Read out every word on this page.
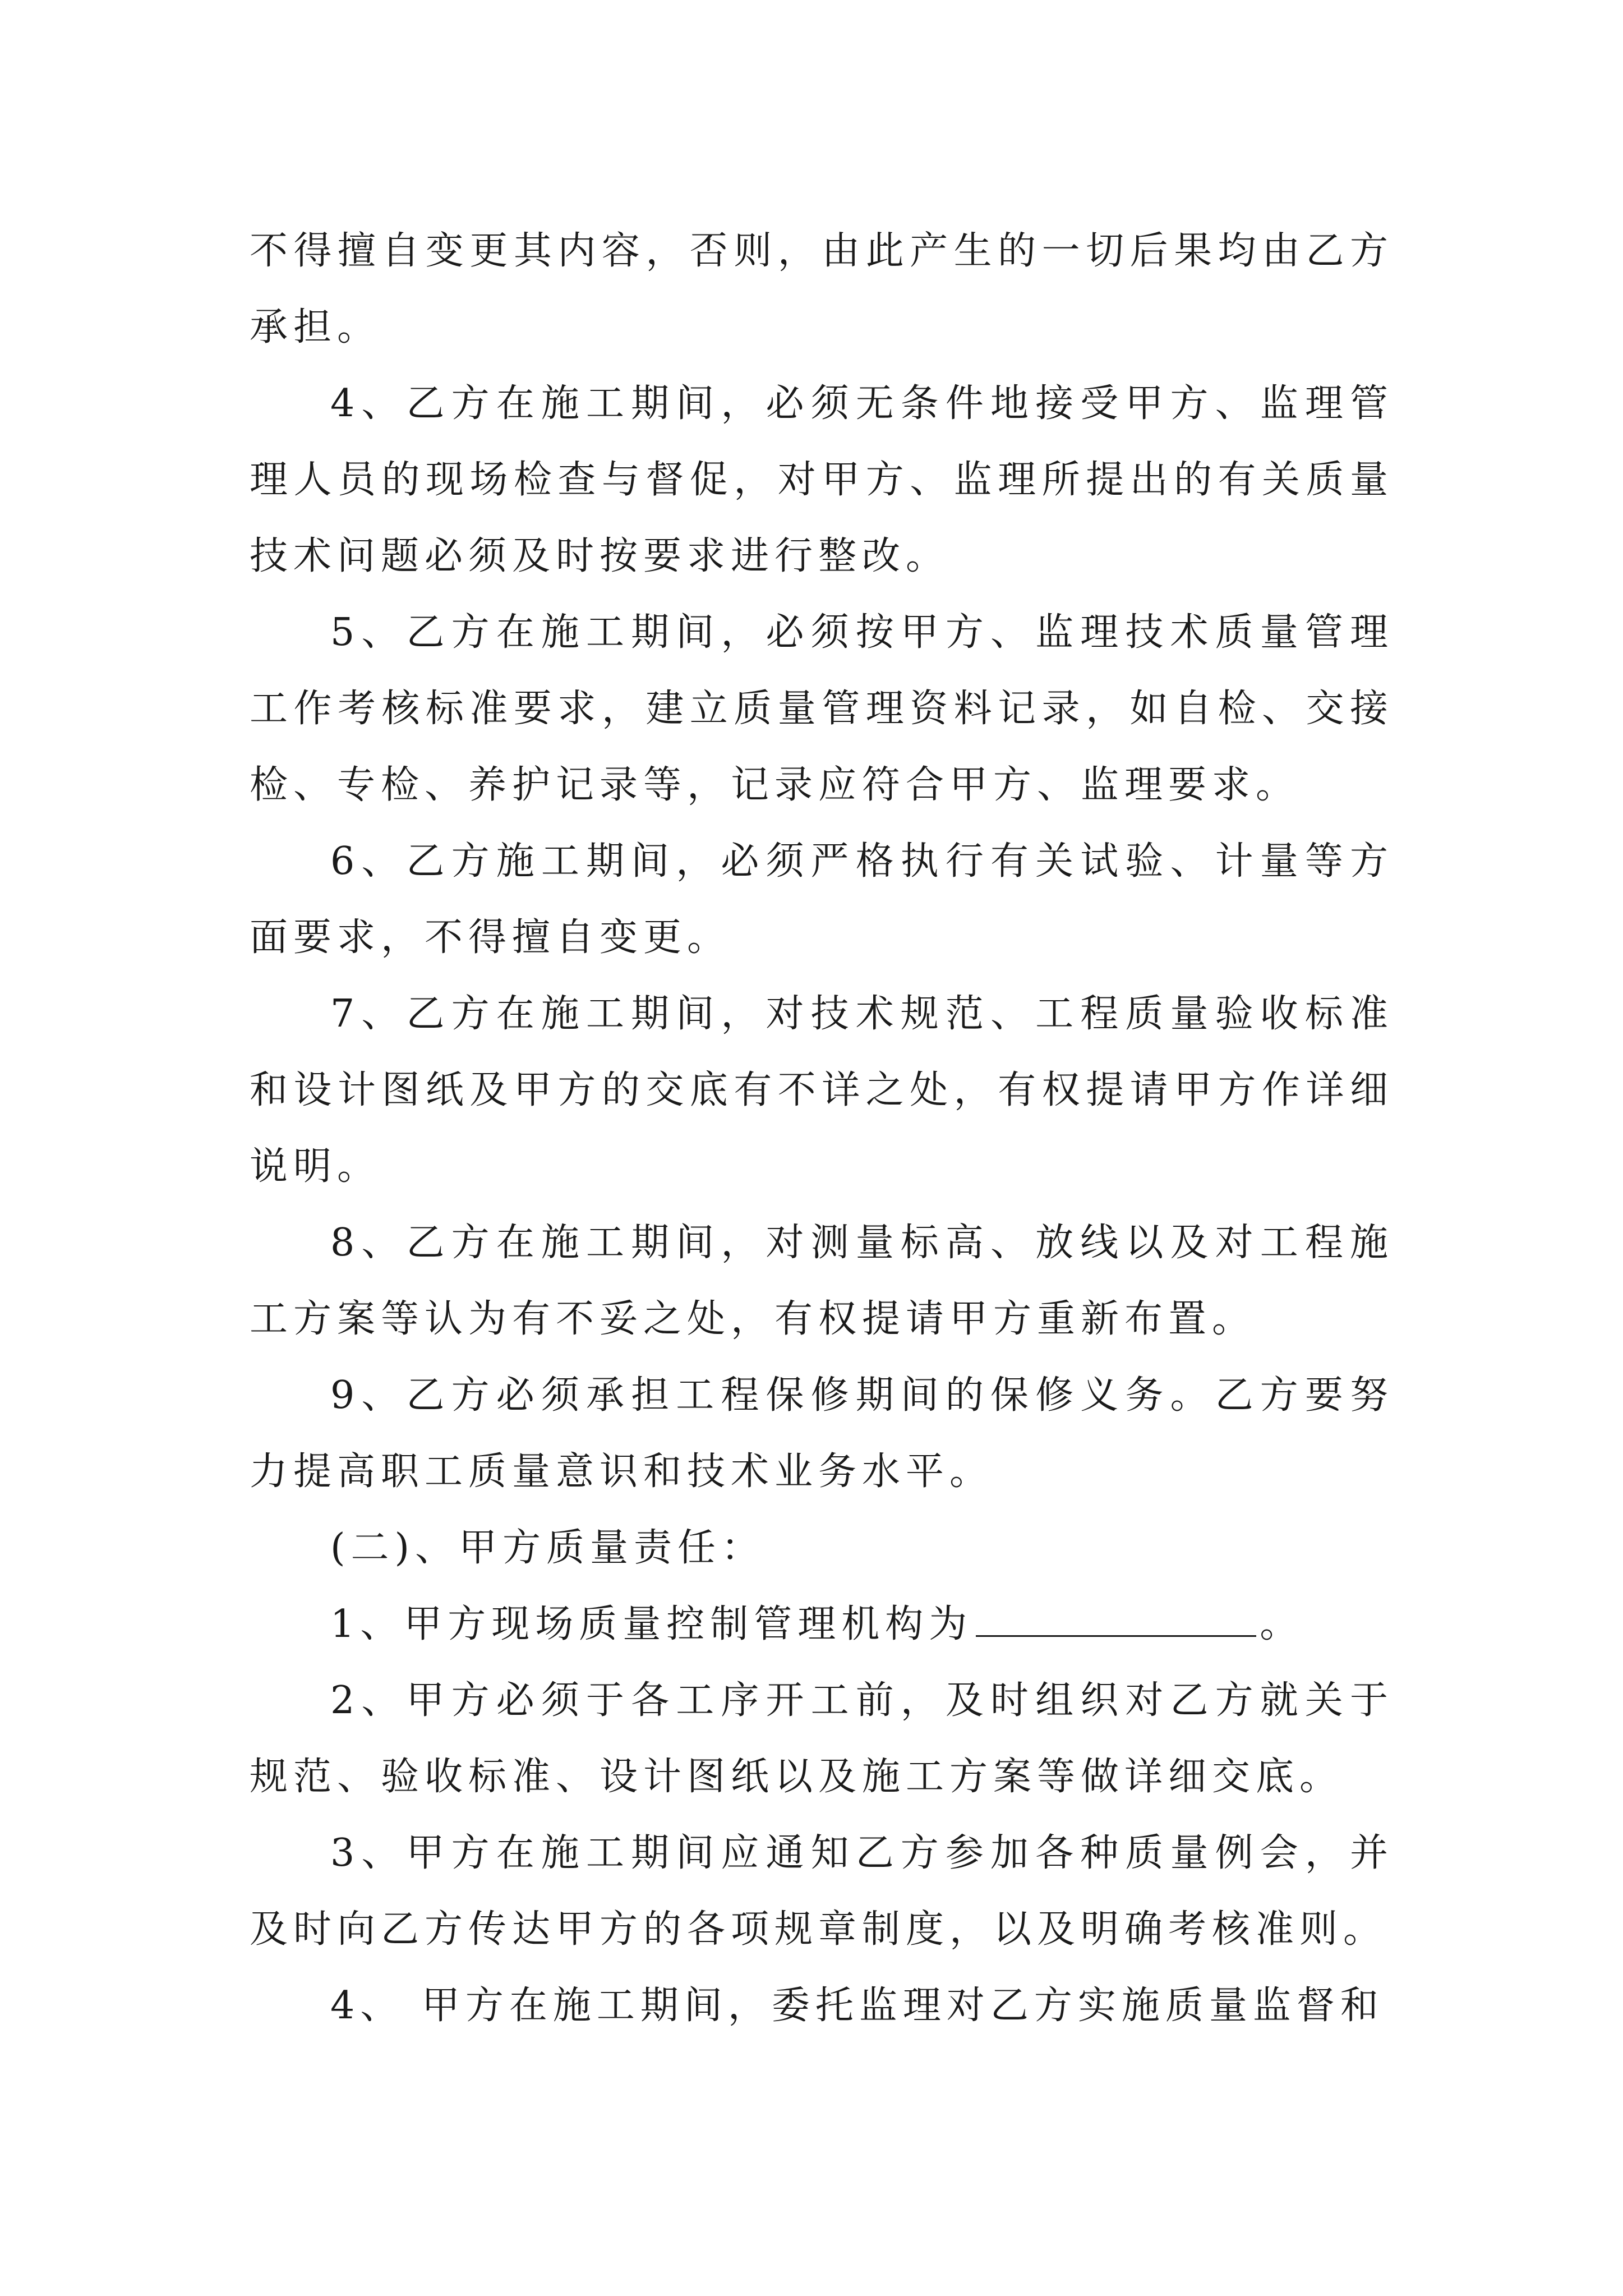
不得擅自变更其内容，否则，由此产生的一切后果均由乙方承担。

4、乙方在施工期间，必须无条件地接受甲方、监理管理人员的现场检查与督促，对甲方、监理所提出的有关质量技术问题必须及时按要求进行整改。

5、乙方在施工期间，必须按甲方、监理技术质量管理工作考核标准要求，建立质量管理资料记录，如自检、交接检、专检、养护记录等，记录应符合甲方、监理要求。

6、乙方施工期间，必须严格执行有关试验、计量等方面要求，不得擅自变更。

7、乙方在施工期间，对技术规范、工程质量验收标准和设计图纸及甲方的交底有不详之处，有权提请甲方作详细说明。

8、乙方在施工期间，对测量标高、放线以及对工程施工方案等认为有不妥之处，有权提请甲方重新布置。

9、乙方必须承担工程保修期间的保修义务。乙方要努力提高职工质量意识和技术业务水平。

(二)、甲方质量责任：

1、甲方现场质量控制管理机构为	。

2、甲方必须于各工序开工前，及时组织对乙方就关于规范、验收标准、设计图纸以及施工方案等做详细交底。

3、甲方在施工期间应通知乙方参加各种质量例会，并及时向乙方传达甲方的各项规章制度，以及明确考核准则。

4、 甲方在施工期间，委托监理对乙方实施质量监督和
